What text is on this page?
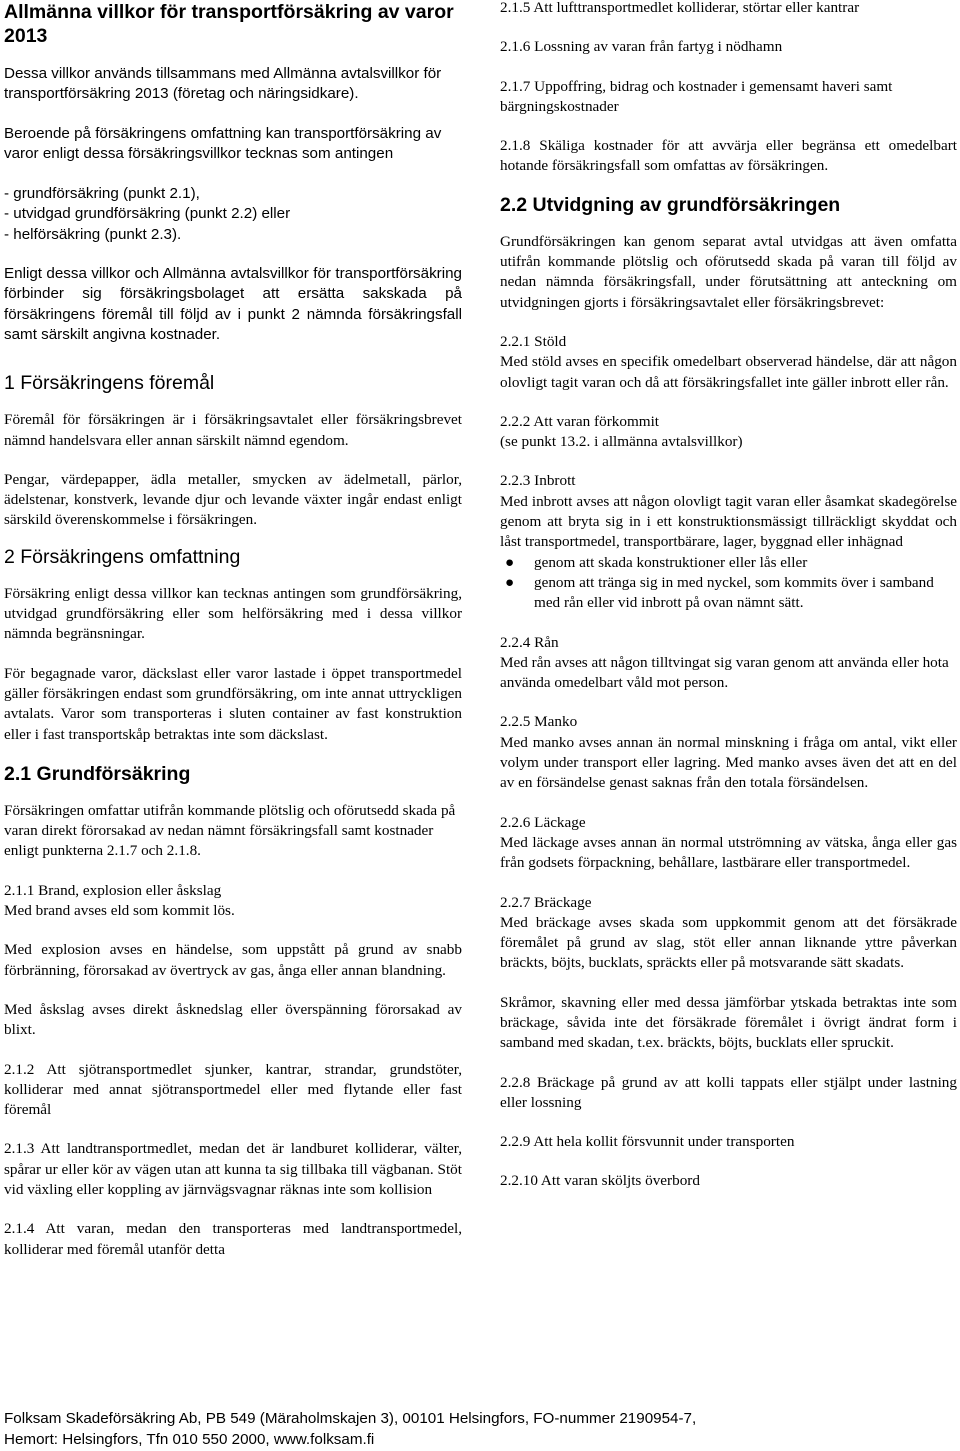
Allmänna villkor för transportförsäkring av varor 2013

Dessa villkor används tillsammans med Allmänna avtalsvillkor för transportförsäkring 2013 (företag och näringsidkare).

Beroende på försäkringens omfattning kan transportförsäkring av varor enligt dessa försäkringsvillkor tecknas som antingen

- grundförsäkring (punkt 2.1),
- utvidgad grundförsäkring (punkt 2.2) eller
- helförsäkring (punkt 2.3).

Enligt dessa villkor och Allmänna avtalsvillkor för transportförsäkring förbinder sig försäkringsbolaget att ersätta sakskada på försäkringens föremål till följd av i punkt 2 nämnda försäkringsfall samt särskilt angivna kostnader.

1 Försäkringens föremål

Föremål för försäkringen är i försäkringsavtalet eller försäkringsbrevet nämnd handelsvara eller annan särskilt nämnd egendom.

Pengar, värdepapper, ädla metaller, smycken av ädelmetall, pärlor, ädelstenar, konstverk, levande djur och levande växter ingår endast enligt särskild överenskommelse i försäkringen.

2 Försäkringens omfattning

Försäkring enligt dessa villkor kan tecknas antingen som grundförsäkring, utvidgad grundförsäkring eller som helförsäkring med i dessa villkor nämnda begränsningar.

För begagnade varor, däckslast eller varor lastade i öppet transportmedel gäller försäkringen endast som grundförsäkring, om inte annat uttryckligen avtalats. Varor som transporteras i sluten container av fast konstruktion eller i fast transportskåp betraktas inte som däckslast.

2.1 Grundförsäkring

Försäkringen omfattar utifrån kommande plötslig och oförutsedd skada på varan direkt förorsakad av nedan nämnt försäkringsfall samt kostnader enligt punkterna 2.1.7 och 2.1.8.

2.1.1 Brand, explosion eller åskslag

Med brand avses eld som kommit lös.

Med explosion avses en händelse, som uppstått på grund av snabb förbränning, förorsakad av övertryck av gas, ånga eller annan blandning.

Med åskslag avses direkt åsknedslag eller överspänning förorsakad av blixt.

2.1.2 Att sjötransportmedlet sjunker, kantrar, strandar, grundstöter, kolliderar med annat sjötransportmedel eller med flytande eller fast föremål

2.1.3 Att landtransportmedlet, medan det är landburet kolliderar, välter, spårar ur eller kör av vägen utan att kunna ta sig tillbaka till vägbanan. Stöt vid växling eller koppling av järnvägsvagnar räknas inte som kollision

2.1.4 Att varan, medan den transporteras med landtransportmedel, kolliderar med föremål utanför detta

2.1.5 Att lufttransportmedlet kolliderar, störtar eller kantrar

2.1.6 Lossning av varan från fartyg i nödhamn

2.1.7 Uppoffring, bidrag och kostnader i gemensamt haveri samt bärgningskostnader

2.1.8 Skäliga kostnader för att avvärja eller begränsa ett omedelbart hotande försäkringsfall som omfattas av försäkringen.

2.2 Utvidgning av grundförsäkringen

Grundförsäkringen kan genom separat avtal utvidgas att även omfatta utifrån kommande plötslig och oförutsedd skada på varan till följd av nedan nämnda försäkringsfall, under förutsättning att anteckning om utvidgningen gjorts i försäkringsavtalet eller försäkringsbrevet:

2.2.1 Stöld

Med stöld avses en specifik omedelbart observerad händelse, där att någon olovligt tagit varan och då att försäkringsfallet inte gäller inbrott eller rån.

2.2.2 Att varan förkommit

(se punkt 13.2. i allmänna avtalsvillkor)

2.2.3 Inbrott

Med inbrott avses att någon olovligt tagit varan eller åsamkat skadegörelse genom att bryta sig in i ett konstruktionsmässigt tillräckligt skyddat och låst transportmedel, transportbärare, lager, byggnad eller inhägnad

● genom att skada konstruktioner eller lås eller
● genom att tränga sig in med nyckel, som kommits över i samband med rån eller vid inbrott på ovan nämnt sätt.

2.2.4 Rån

Med rån avses att någon tilltvingat sig varan genom att använda eller hota använda omedelbart våld mot person.

2.2.5 Manko

Med manko avses annan än normal minskning i fråga om antal, vikt eller volym under transport eller lagring. Med manko avses även det att en del av en försändelse genast saknas från den totala försändelsen.

2.2.6 Läckage

Med läckage avses annan än normal utströmning av vätska, ånga eller gas från godsets förpackning, behållare, lastbärare eller transportmedel.

2.2.7 Bräckage

Med bräckage avses skada som uppkommit genom att det försäkrade föremålet på grund av slag, stöt eller annan liknande yttre påverkan bräckts, böjts, bucklats, spräckts eller på motsvarande sätt skadats.

Skråmor, skavning eller med dessa jämförbar ytskada betraktas inte som bräckage, såvida inte det försäkrade föremålet i övrigt ändrat form i samband med skadan, t.ex. bräckts, böjts, bucklats eller spruckit.

2.2.8 Bräckage på grund av att kolli tappats eller stjälpt under lastning eller lossning

2.2.9 Att hela kollit försvunnit under transporten

2.2.10 Att varan sköljts överbord

Folksam Skadeförsäkring Ab, PB 549 (Märaholmskajen 3), 00101 Helsingfors, FO-nummer 2190954-7,
Hemort: Helsingfors, Tfn 010 550 2000, www.folksam.fi
